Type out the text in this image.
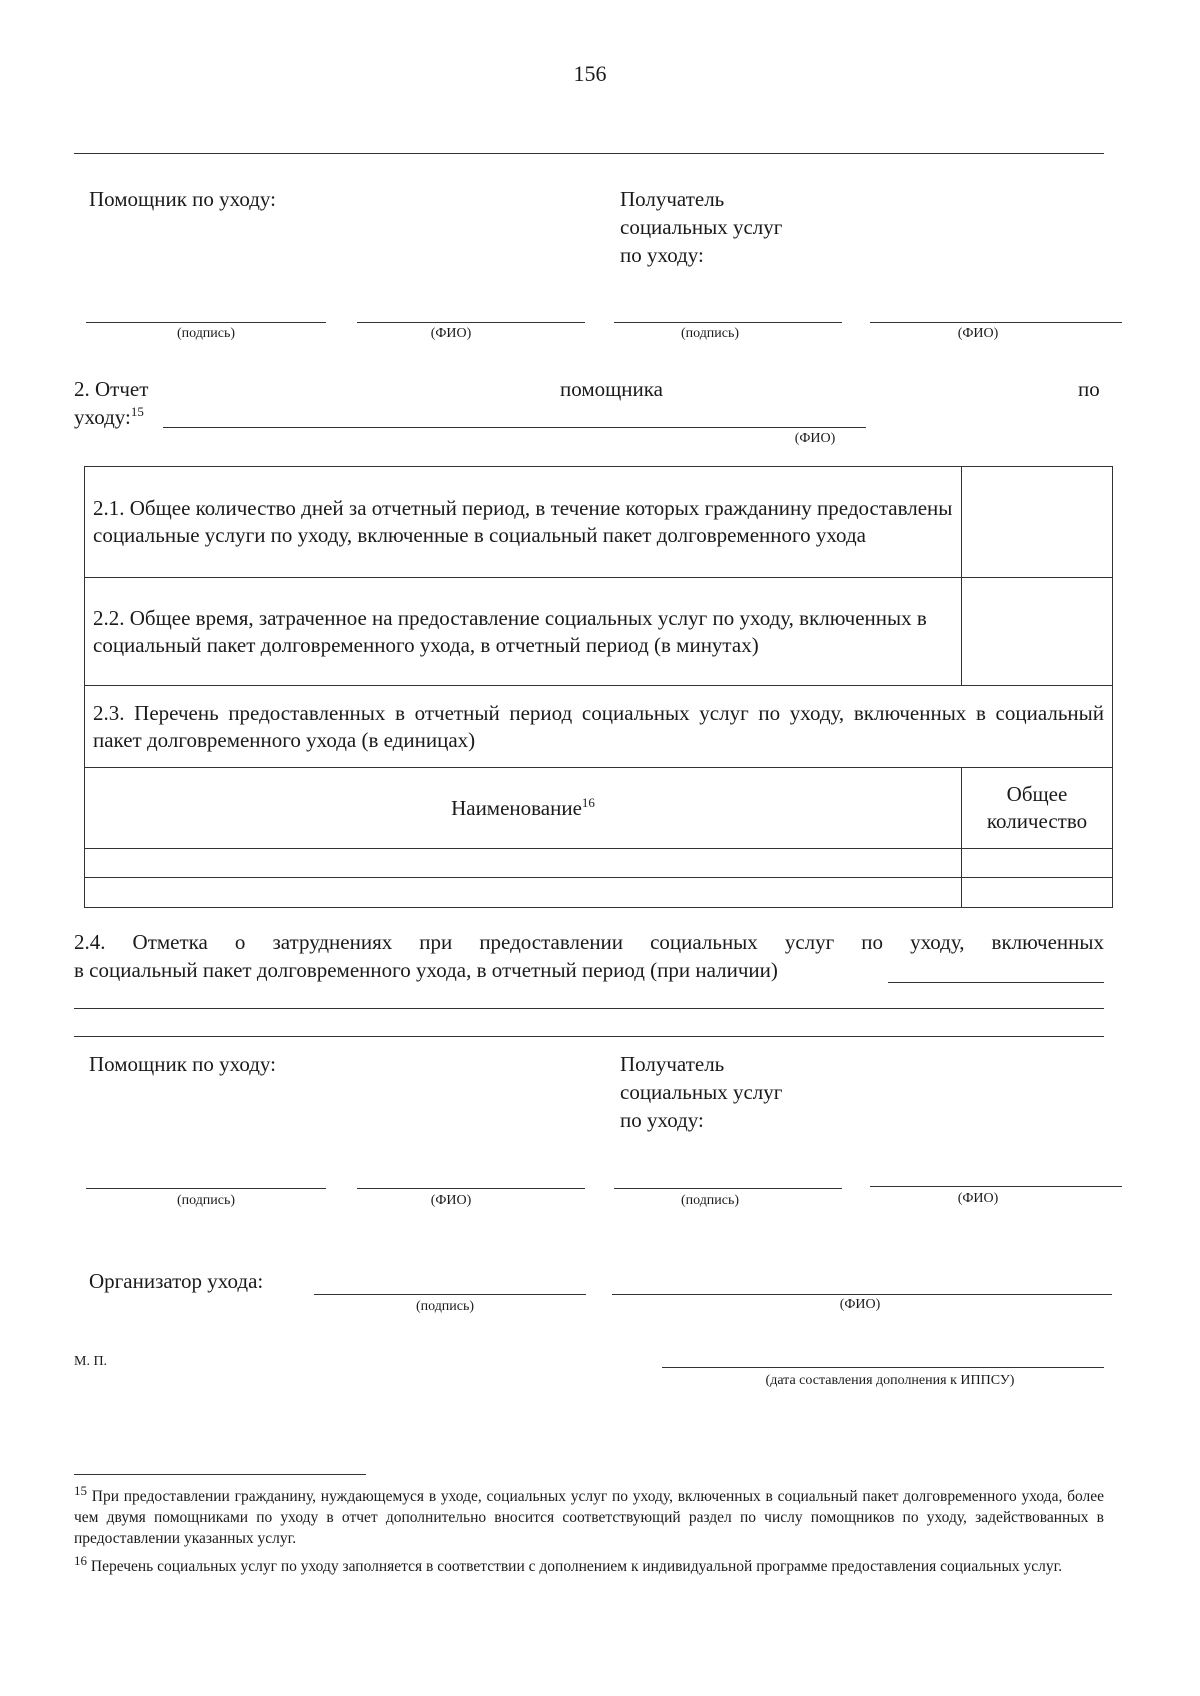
156
Помощник по уходу:	Получатель
социальных услуг
по уходу:
(подпись)	(ФИО)	(подпись)	(ФИО)
2. Отчет	помощника	по
уходу:$^{15}$
(ФИО)
2.1. Общее количество дней за отчетный период, в течение которых гражданину предоставлены социальные услуги по уходу, включенные в социальный пакет долговременного ухода	
2.2. Общее время, затраченное на предоставление социальных услуг по уходу, включенных в социальный пакет долговременного ухода, в отчетный период (в минутах)	
2.3. Перечень предоставленных в отчетный период социальных услуг по уходу, включенных в социальный пакет долговременного ухода (в единицах)	
Наименование$^{16}$	Общее
количество

2.4. Отметка о затруднениях при предоставлении социальных услуг по уходу, включенных
в социальный пакет долговременного ухода, в отчетный период (при наличии)
Помощник по уходу:	Получатель
социальных услуг
по уходу:
(подпись)	(ФИО)	(подпись)	(ФИО)
Организатор ухода:
(подпись)	(ФИО)
М. П.
(дата составления дополнения к ИППСУ)
$^{15}$ При предоставлении гражданину, нуждающемуся в уходе, социальных услуг по уходу, включенных в социальный пакет долговременного ухода, более чем двумя помощниками по уходу в отчет дополнительно вносится соответствующий раздел по числу помощников по уходу, задействованных в предоставлении указанных услуг.
$^{16}$ Перечень социальных услуг по уходу заполняется в соответствии с дополнением к индивидуальной программе предоставления социальных услуг.
